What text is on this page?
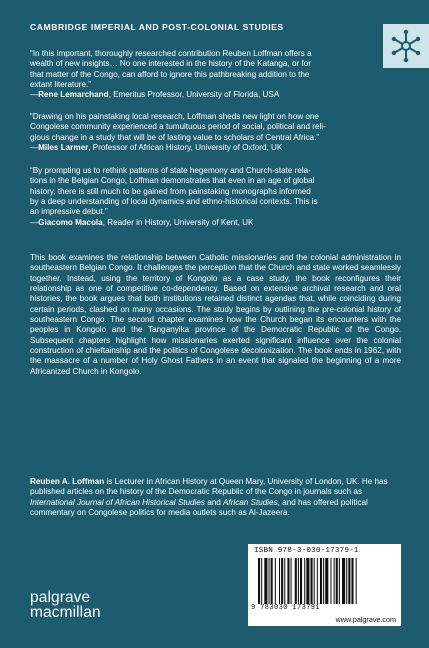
CAMBRIDGE IMPERIAL AND POST-COLONIAL STUDIES

“In this important, thoroughly researched contribution Reuben Loffman offers a

wealth of new insights… No one interested in the history of the Katanga, or for

that matter of the Congo, can afford to ignore this pathbreaking addition to the

extant literature.”

—Rene Lemarchand, Emeritus Professor, University of Florida, USA

“Drawing on his painstaking local research, Loffman sheds new light on how one

Congolese community experienced a tumultuous period of social, political and reli-

gious change in a study that will be of lasting value to scholars of Central Africa.”

—Miles Larmer, Professor of African History, University of Oxford, UK

“By prompting us to rethink patterns of state hegemony and Church-state rela-

tions in the Belgian Congo, Loffman demonstrates that even in an age of global

history, there is still much to be gained from painstaking monographs informed

by a deep understanding of local dynamics and ethno-historical contexts. This is

an impressive debut.”

—Giacomo Macola, Reader in History, University of Kent, UK

This book examines the relationship between Catholic missionaries and the colonial administration in southeastern Belgian Congo. It challenges the perception that the Church and state worked seamlessly together. Instead, using the territory of Kongolo as a case study, the book reconfigures their relationship as one of competitive co-dependency. Based on extensive archival research and oral histories, the book argues that both institutions retained distinct agendas that, while coinciding during certain periods, clashed on many occasions. The study begins by outlining the pre-colonial history of southeastern Congo. The second chapter examines how the Church began its encounters with the peoples in Kongolo and the Tanganyika province of the Democratic Republic of the Congo. Subsequent chapters highlight how missionaries exerted significant influence over the colonial construction of chieftainship and the politics of Congolese decolonization. The book ends in 1962, with the massacre of a number of Holy Ghost Fathers in an event that signaled the beginning of a more Africanized Church in Kongolo.
Reuben A. Loffman is Lecturer in African History at Queen Mary, University of London, UK. He has published articles on the history of the Democratic Republic of the Congo in journals such as International Journal of African Historical Studies and African Studies, and has offered political commentary on Congolese politics for media outlets such as Al-Jazeera.
ISBN 978-3-030-17379-1
9 783030 173791
www.palgrave.com
palgrave
macmillan
